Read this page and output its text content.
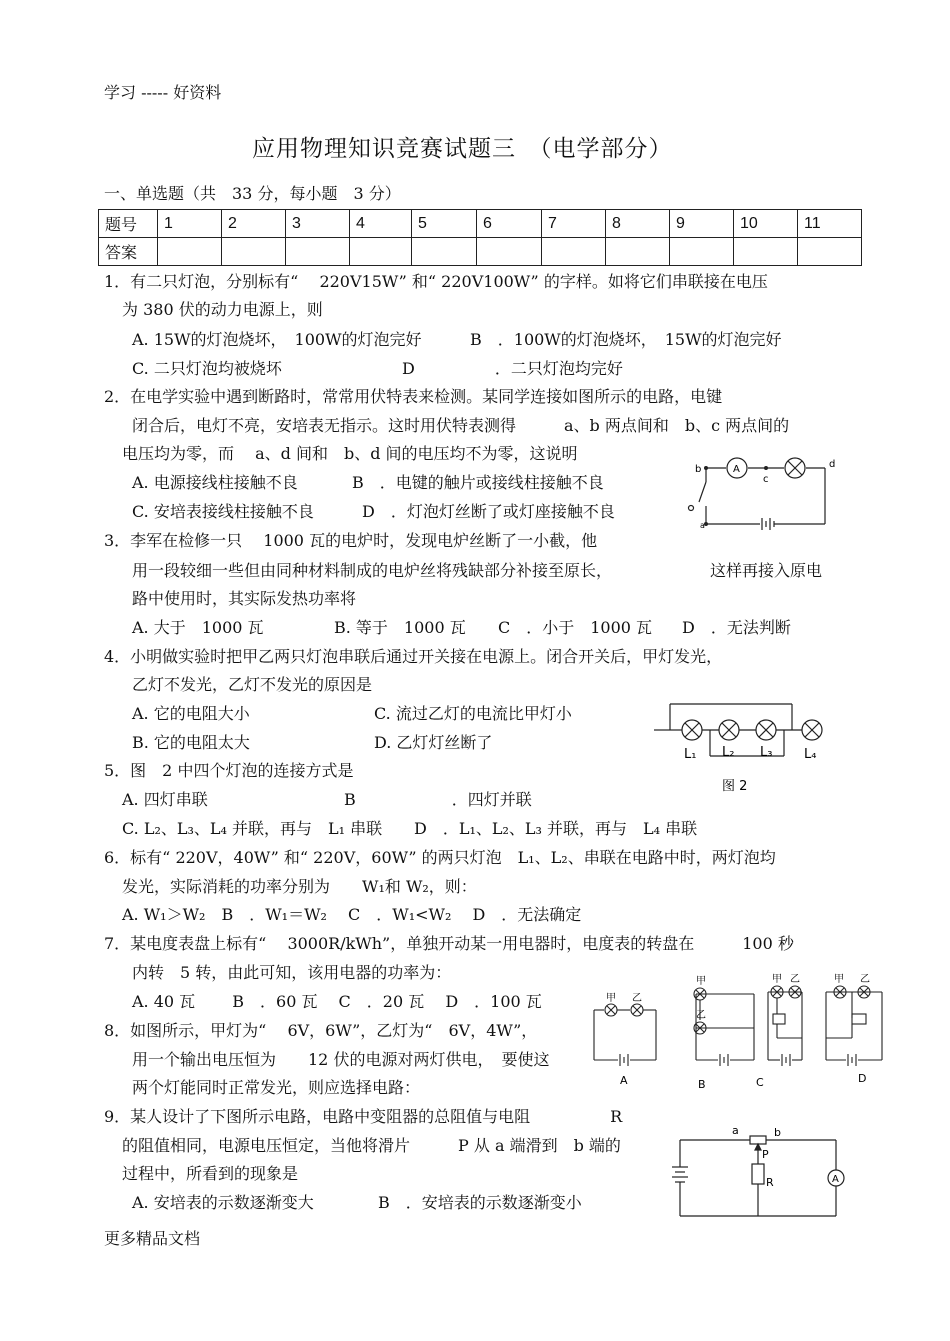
学习 ----- 好资料
应用物理知识竞赛试题三　（电学部分）
一、单选题（共　33 分，每小题　3 分）
题号	1	2	3	4	5	6	7	8	9	10	11
答案											
1．有二只灯泡，分别标有“　 220V15W” 和“ 220V100W” 的字样。如将它们串联接在电压
为 380 伏的动力电源上，则
A. 15W的灯泡烧坏，　100W的灯泡完好	B　．100W的灯泡烧坏，　15W的灯泡完好
C. 二只灯泡均被烧坏	D　　　　　．二只灯泡均完好
2．在电学实验中遇到断路时，常常用伏特表来检测。某同学连接如图所示的电路，电键
闭合后，电灯不亮，安培表无指示。这时用伏特表测得　　　a、b 两点间和　b、c 两点间的
电压均为零，而　 a、d 间和　b、d 间的电压均不为零，这说明
A. 电源接线柱接触不良	B　．电键的触片或接线柱接触不良
C. 安培表接线柱接触不良	D　．灯泡灯丝断了或灯座接触不良
b
c
d
a
A
3．李军在检修一只　 1000 瓦的电炉时，发现电炉丝断了一小截，他
用一段较细一些但由同种材料制成的电炉丝将残缺部分补接至原长，	这样再接入原电
路中使用时，其实际发热功率将
A. 大于　1000 瓦	B. 等于　1000 瓦 C　．小于　1000 瓦 D　．无法判断
4．小明做实验时把甲乙两只灯泡串联后通过开关接在电源上。闭合开关后，甲灯发光，
乙灯不发光，乙灯不发光的原因是
A. 它的电阻大小	C. 流过乙灯的电流比甲灯小
B. 它的电阻太大	D. 乙灯灯丝断了
L₁ L₂ L₃ L₄
图 2
5．图　2 中四个灯泡的连接方式是
A. 四灯串联	B　　　　　　．四灯并联
C. L₂、L₃、L₄ 并联，再与　L₁ 串联 D　．L₁、L₂、L₃ 并联，再与　L₄ 串联
6．标有“ 220V，40W” 和“ 220V，60W” 的两只灯泡　L₁、L₂、串联在电路中时，两灯泡均
发光，实际消耗的功率分别为　　W₁和 W₂，则：
A. W₁＞W₂　B　．W₁＝W₂　 C　．W₁<W₂　 D　．无法确定
7．某电度表盘上标有“　 3000R/kWh”，单独开动某一用电器时，电度表的转盘在　　　100 秒
内转　5 转，由此可知，该用电器的功率为：
A. 40 瓦　　 B　．60 瓦　 C　．20 瓦　 D　．100 瓦
8．如图所示，甲灯为“　 6V，6W”，乙灯为“　6V，4W”，
用一个输出电压恒为　　12 伏的电源对两灯供电，　要使这
两个灯能同时正常发光，则应选择电路：
甲 乙
甲
乙
甲 乙	甲 乙
A	B	C	D
9．某人设计了下图所示电路，电路中变阻器的总阻值与电阻　　　　　R
的阻值相同，电源电压恒定，当他将滑片　　　P 从 a 端滑到　b 端的
过程中，所看到的现象是
A. 安培表的示数逐渐变大	B　．安培表的示数逐渐变小
a	b
P
R	A
更多精品文档
